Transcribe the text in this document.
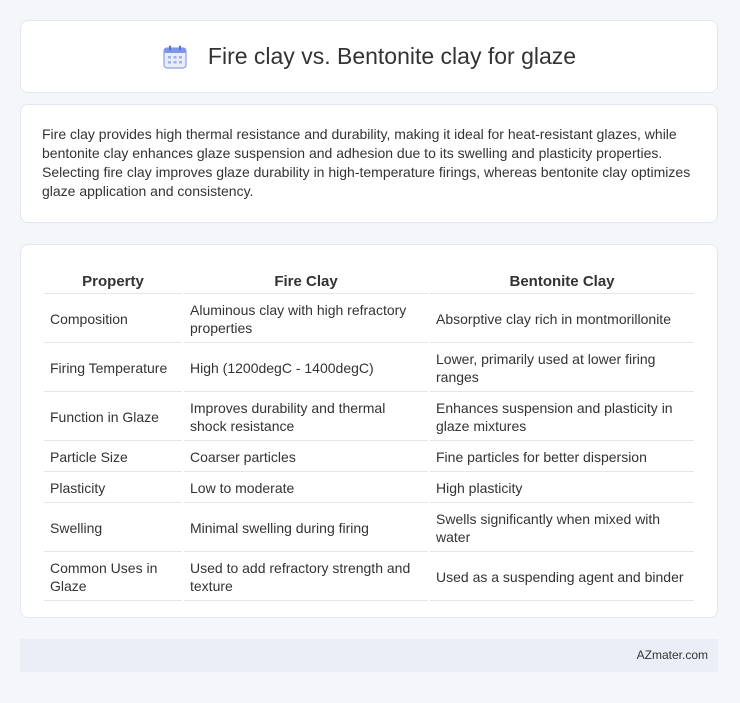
Fire clay vs. Bentonite clay for glaze

Fire clay provides high thermal resistance and durability, making it ideal for heat-resistant glazes, while bentonite clay enhances glaze suspension and adhesion due to its swelling and plasticity properties. Selecting fire clay improves glaze durability in high-temperature firings, whereas bentonite clay optimizes glaze application and consistency.

Property	Fire Clay	Bentonite Clay
Composition	Aluminous clay with high refractory properties	Absorptive clay rich in montmorillonite
Firing Temperature	High (1200degC - 1400degC)	Lower, primarily used at lower firing ranges
Function in Glaze	Improves durability and thermal shock resistance	Enhances suspension and plasticity in glaze mixtures
Particle Size	Coarser particles	Fine particles for better dispersion
Plasticity	Low to moderate	High plasticity
Swelling	Minimal swelling during firing	Swells significantly when mixed with water
Common Uses in Glaze	Used to add refractory strength and texture	Used as a suspending agent and binder
AZmater.com
